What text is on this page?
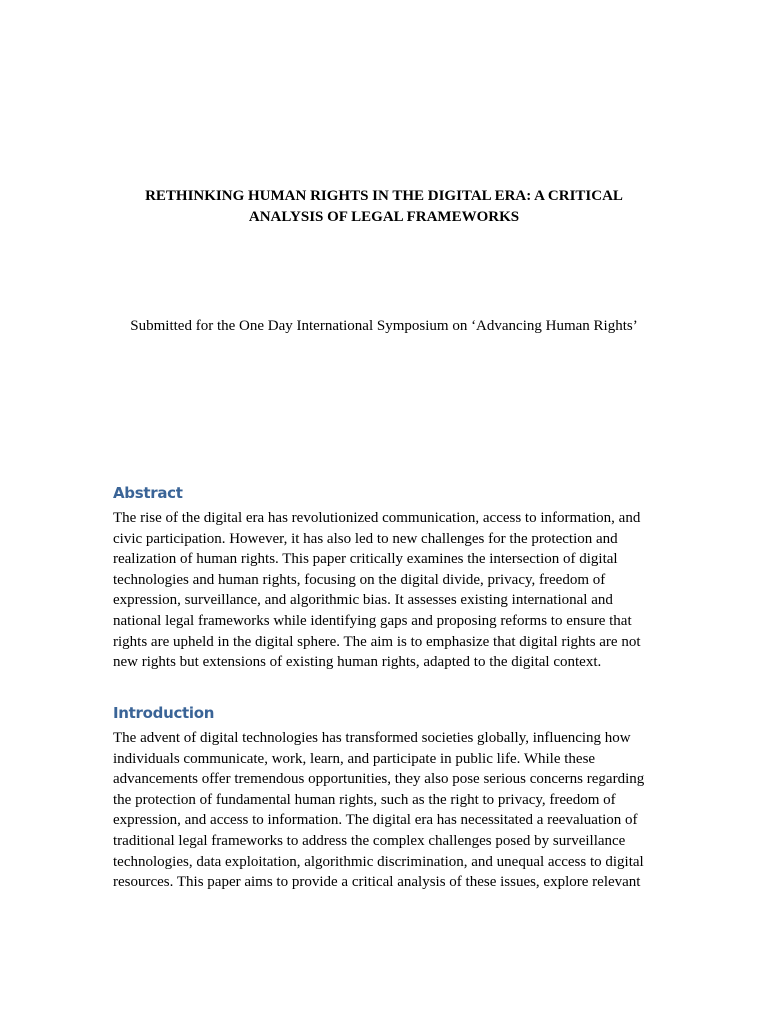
RETHINKING HUMAN RIGHTS IN THE DIGITAL ERA: A CRITICAL ANALYSIS OF LEGAL FRAMEWORKS

Submitted for the One Day International Symposium on ‘Advancing Human Rights’

Abstract

The rise of the digital era has revolutionized communication, access to information, and civic participation. However, it has also led to new challenges for the protection and realization of human rights. This paper critically examines the intersection of digital technologies and human rights, focusing on the digital divide, privacy, freedom of expression, surveillance, and algorithmic bias. It assesses existing international and national legal frameworks while identifying gaps and proposing reforms to ensure that rights are upheld in the digital sphere. The aim is to emphasize that digital rights are not new rights but extensions of existing human rights, adapted to the digital context.

Introduction

The advent of digital technologies has transformed societies globally, influencing how individuals communicate, work, learn, and participate in public life. While these advancements offer tremendous opportunities, they also pose serious concerns regarding the protection of fundamental human rights, such as the right to privacy, freedom of expression, and access to information. The digital era has necessitated a reevaluation of traditional legal frameworks to address the complex challenges posed by surveillance technologies, data exploitation, algorithmic discrimination, and unequal access to digital resources. This paper aims to provide a critical analysis of these issues, explore relevant
